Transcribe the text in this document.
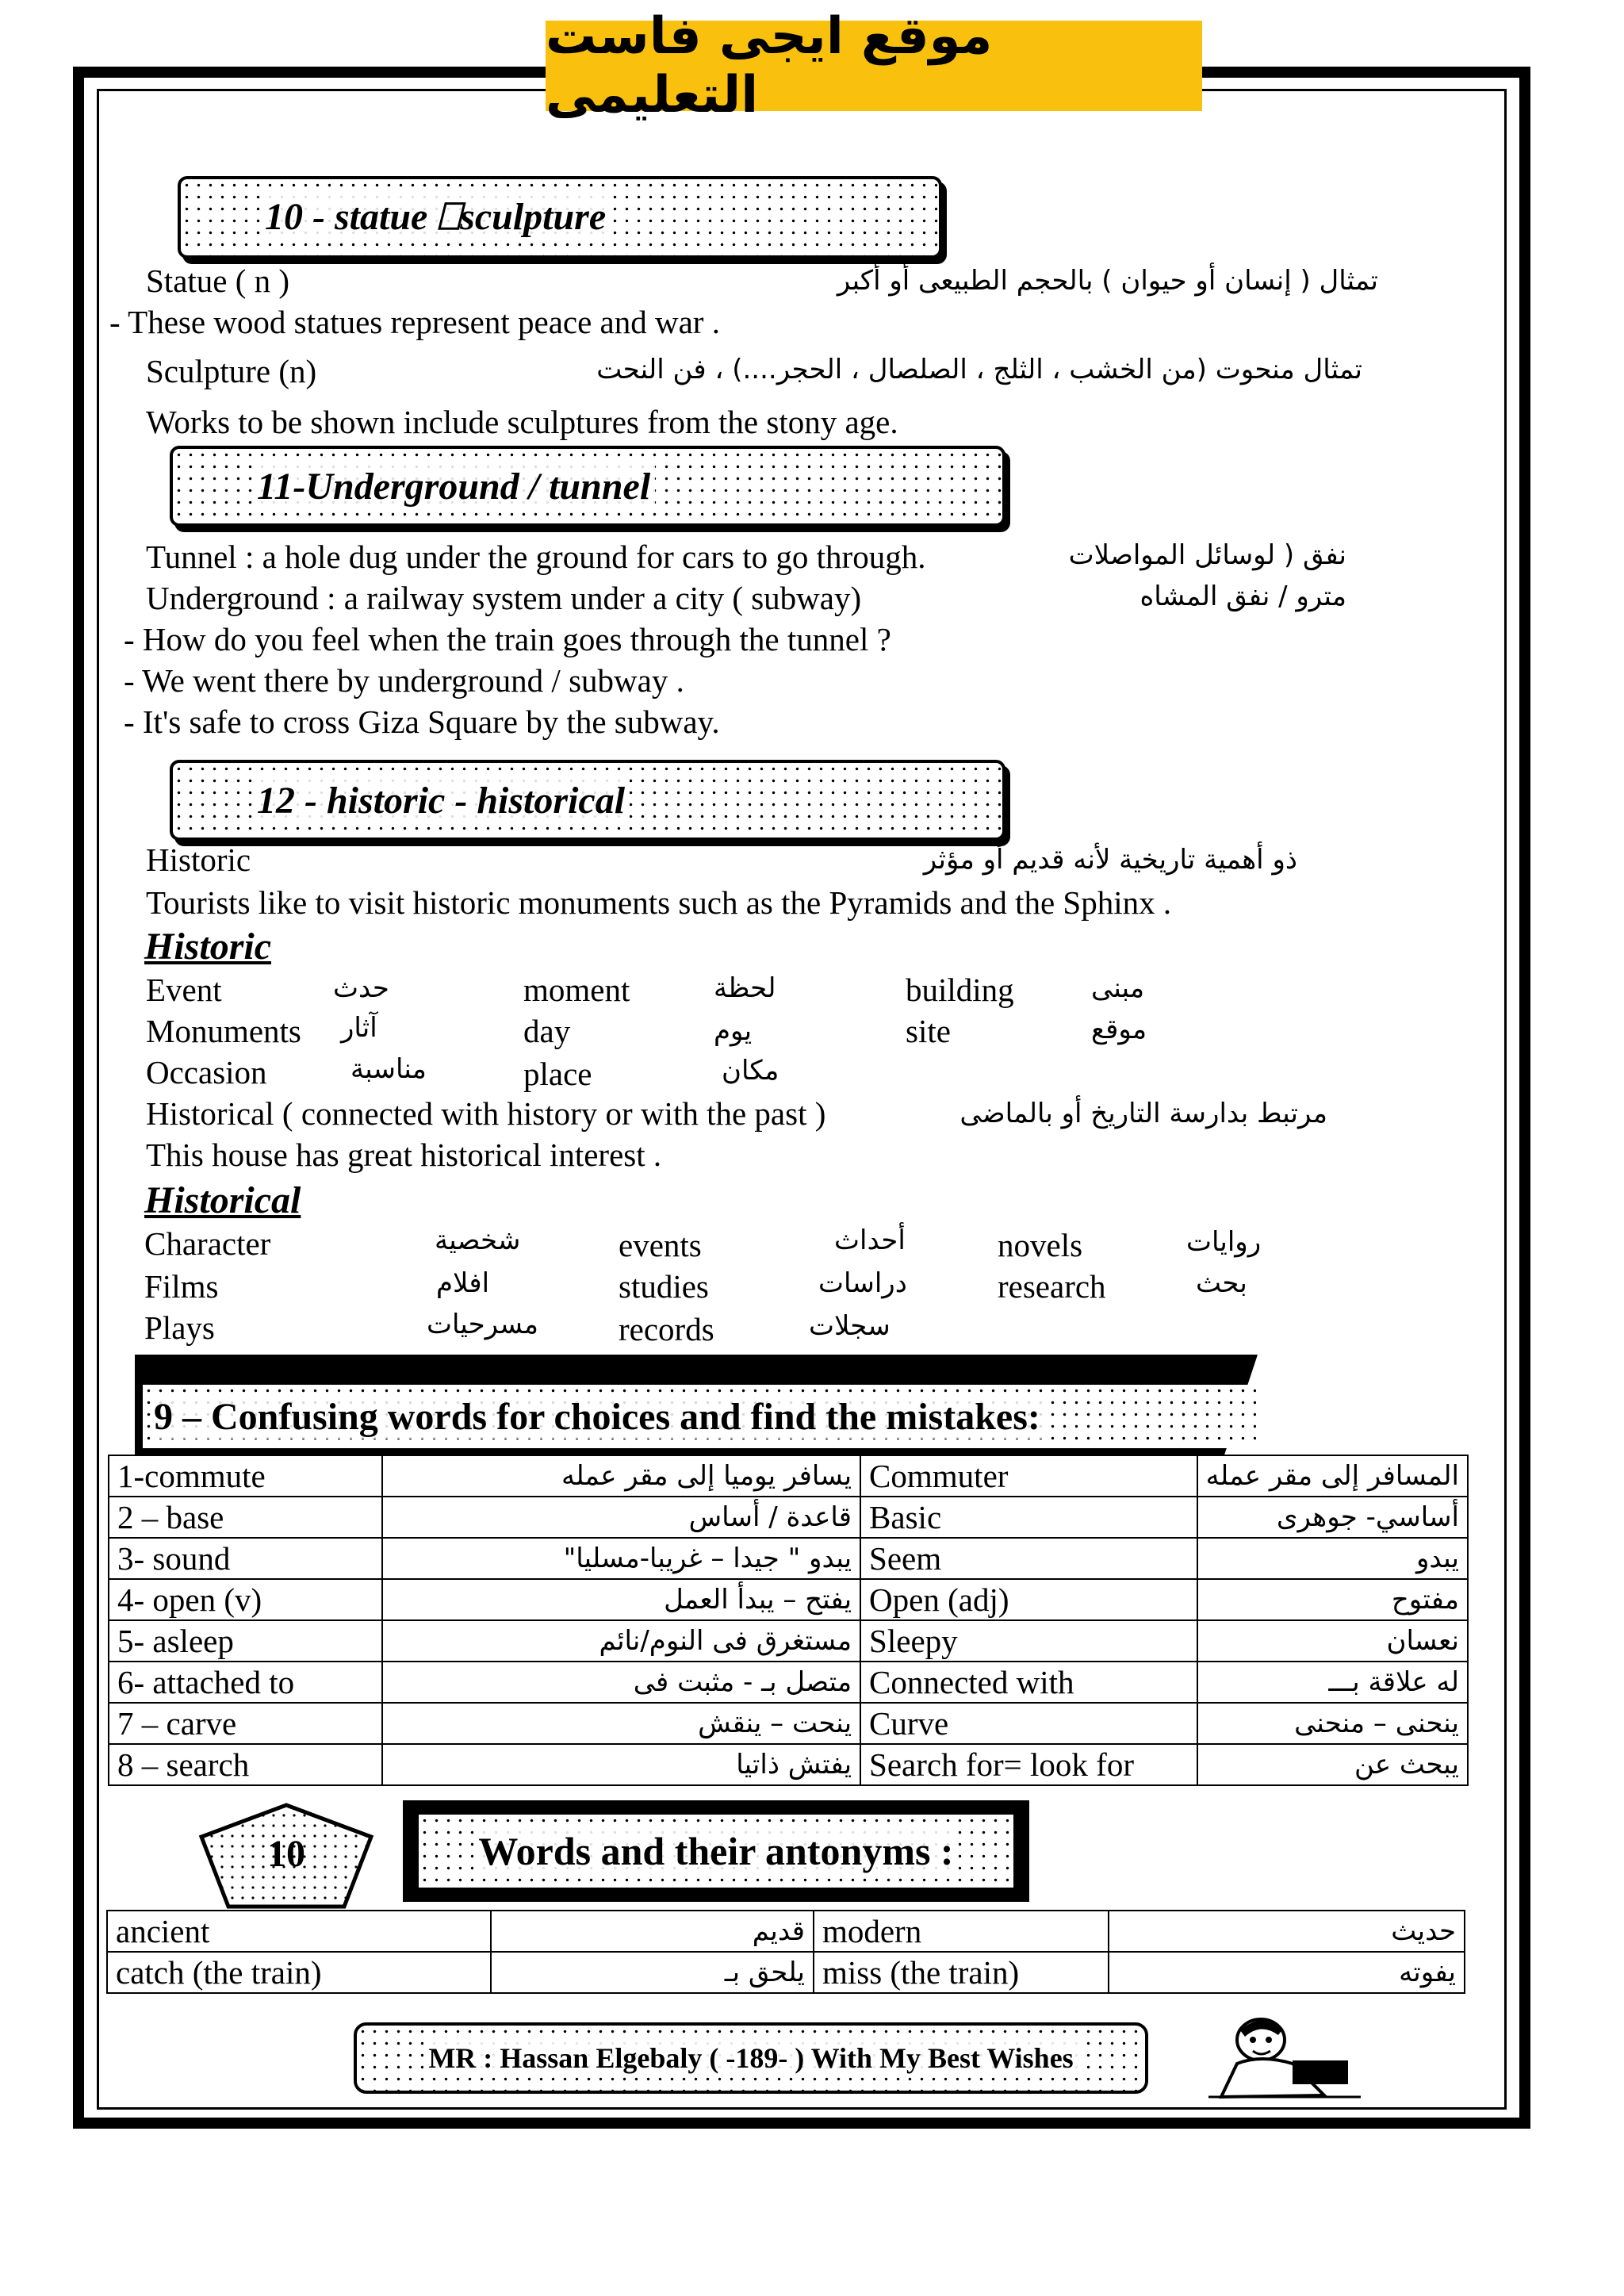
موقع ايجى فاست التعليمى
10 - statue ⎕sculpture
Statue ( n )	تمثال ( إنسان أو حيوان ) بالحجم الطبيعى أو أكبر
- These wood statues represent peace and war .
Sculpture (n)	تمثال منحوت (من الخشب ، الثلج ، الصلصال ، الحجر....) ، فن النحت
Works to be shown include sculptures from the stony age.
11-Underground / tunnel
Tunnel : a hole dug under the ground for cars to go through.	نفق ( لوسائل المواصلات
Underground : a railway system under a city ( subway)	مترو / نفق المشاه
- How do you feel when the train goes through the tunnel ?
- We went there by underground / subway .
- It's safe to cross Giza Square by the subway.
12 - historic - historical
Historic	ذو أهمية تاريخية لأنه قديم أو مؤثر
Tourists like to visit historic monuments such as the Pyramids and the Sphinx .
Historic
Event	حدث	moment	لحظة	building	مبنى
Monuments آثار	day	يوم	site	موقع
Occasion	مناسبة	place	مكان
Historical ( connected with history or with the past )	مرتبط بدارسة التاريخ أو بالماضى
This house has great historical interest .
Historical
Character	شخصية	events	أحداث	novels	روايات
Films	افلام	studies	دراسات	research	بحث
Plays	مسرحيات records	سجلات
9 – Confusing words for choices and find the mistakes:
1-commute	يسافر يوميا إلى مقر عمله	Commuter	المسافر إلى مقر عمله
2 – base	قاعدة / أساس	Basic	أساسي- جوهرى
3- sound	يبدو " جيدا – غريبا-مسليا"	Seem	يبدو
4- open (v)	يفتح – يبدأ العمل	Open (adj)	مفتوح
5- asleep	مستغرق فى النوم/نائم	Sleepy	نعسان
6- attached to	متصل بـ - مثبت فى	Connected with	له علاقة بـــ
7 – carve	ينحت – ينقش	Curve	ينحنى – منحنى
8 – search	يفتش ذاتيا	Search for= look for	يبحث عن
10	Words and their antonyms :
ancient	قديم	modern	حديث
catch (the train)	يلحق بـ	miss (the train)	يفوته
MR : Hassan Elgebaly ( -189- ) With My Best Wishes
